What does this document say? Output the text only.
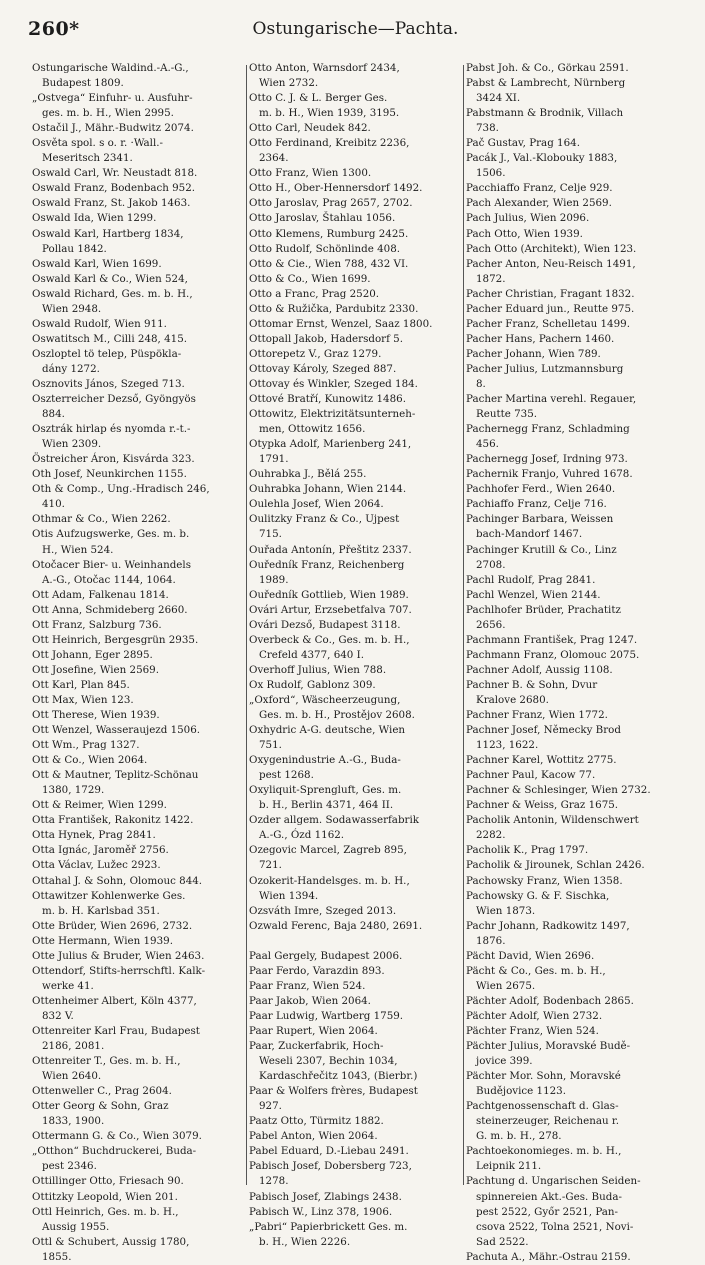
260*	Ostungarische—Pachta.
Ostungarische Waldind.-A.-G.,
Budapest 1809.
„Ostvega“ Einfuhr- u. Ausfuhr-
ges. m. b. H., Wien 2995.
Ostačil J., Mähr.-Budwitz 2074.
Osvěta spol. s o. r. ·Wall.-
Meseritsch 2341.
Oswald Carl, Wr. Neustadt 818.
Oswald Franz, Bodenbach 952.
Oswald Franz, St. Jakob 1463.
Oswald Ida, Wien 1299.
Oswald Karl, Hartberg 1834,
Pollau 1842.
Oswald Karl, Wien 1699.
Oswald Karl & Co., Wien 524,
Oswald Richard, Ges. m. b. H.,
Wien 2948.
Oswald Rudolf, Wien 911.
Oswatitsch M., Cilli 248, 415.
Oszloptel tö telep, Püspökla-
dány 1272.
Osznovits János, Szeged 713.
Oszterreicher Dezső, Gyöngyös
884.
Osztrák hirlap és nyomda r.-t.-
Wien 2309.
Östreicher Áron, Kisvárda 323.
Oth Josef, Neunkirchen 1155.
Oth & Comp., Ung.-Hradisch 246,
410.
Othmar & Co., Wien 2262.
Otis Aufzugswerke, Ges. m. b.
H., Wien 524.
Otočacer Bier- u. Weinhandels
A.-G., Otočac 1144, 1064.
Ott Adam, Falkenau 1814.
Ott Anna, Schmideberg 2660.
Ott Franz, Salzburg 736.
Ott Heinrich, Bergesgrün 2935.
Ott Johann, Eger 2895.
Ott Josefine, Wien 2569.
Ott Karl, Plan 845.
Ott Max, Wien 123.
Ott Therese, Wien 1939.
Ott Wenzel, Wasseraujezd 1506.
Ott Wm., Prag 1327.
Ott & Co., Wien 2064.
Ott & Mautner, Teplitz-Schönau
1380, 1729.
Ott & Reimer, Wien 1299.
Otta František, Rakonitz 1422.
Otta Hynek, Prag 2841.
Otta Ignác, Jaroměř 2756.
Otta Václav, Lužec 2923.
Ottahal J. & Sohn, Olomouc 844.
Ottawitzer Kohlenwerke Ges.
m. b. H. Karlsbad 351.
Otte Brüder, Wien 2696, 2732.
Otte Hermann, Wien 1939.
Otte Julius & Bruder, Wien 2463.
Ottendorf, Stifts-herrschftl. Kalk-
werke 41.
Ottenheimer Albert, Köln 4377,
832 V.
Ottenreiter Karl Frau, Budapest
2186, 2081.
Ottenreiter T., Ges. m. b. H.,
Wien 2640.
Ottenweller C., Prag 2604.
Otter Georg & Sohn, Graz
1833, 1900.
Ottermann G. & Co., Wien 3079.
„Otthon“ Buchdruckerei, Buda-
pest 2346.
Ottillinger Otto, Friesach 90.
Ottitzky Leopold, Wien 201.
Ottl Heinrich, Ges. m. b. H.,
Aussig 1955.
Ottl & Schubert, Aussig 1780,
1855.
Otto Anton, Warnsdorf 2434,
Wien 2732.
Otto C. J. & L. Berger Ges.
m. b. H., Wien 1939, 3195.
Otto Carl, Neudek 842.
Otto Ferdinand, Kreibitz 2236,
2364.
Otto Franz, Wien 1300.
Otto H., Ober-Hennersdorf 1492.
Otto Jaroslav, Prag 2657, 2702.
Otto Jaroslav, Štahlau 1056.
Otto Klemens, Rumburg 2425.
Otto Rudolf, Schönlinde 408.
Otto & Cie., Wien 788, 432 VI.
Otto & Co., Wien 1699.
Otto a Franc, Prag 2520.
Otto & Ružička, Pardubitz 2330.
Ottomar Ernst, Wenzel, Saaz 1800.
Ottopall Jakob, Hadersdorf 5.
Ottorepetz V., Graz 1279.
Ottovay Károly, Szeged 887.
Ottovay és Winkler, Szeged 184.
Ottové Bratří, Kunowitz 1486.
Ottowitz, Elektrizitätsunterneh-
men, Ottowitz 1656.
Otypka Adolf, Marienberg 241,
1791.
Ouhrabka J., Bělá 255.
Ouhrabka Johann, Wien 2144.
Oulehla Josef, Wien 2064.
Oulitzky Franz & Co., Ujpest
715.
Ouřada Antonín, Přeštitz 2337.
Ouředník Franz, Reichenberg
1989.
Ouředník Gottlieb, Wien 1989.
Ovári Artur, Erzsebetfalva 707.
Ovári Dezső, Budapest 3118.
Overbeck & Co., Ges. m. b. H.,
Crefeld 4377, 640 I.
Overhoff Julius, Wien 788.
Ox Rudolf, Gablonz 309.
„Oxford“, Wäscheerzeugung,
Ges. m. b. H., Prostějov 2608.
Oxhydric A-G. deutsche, Wien
751.
Oxygenindustrie A.-G., Buda-
pest 1268.
Oxyliquit-Sprengluft, Ges. m.
b. H., Berlin 4371, 464 II.
Ozder allgem. Sodawasserfabrik
A.-G., Ózd 1162.
Ozegovic Marcel, Zagreb 895,
721.
Ozokerit-Handelsges. m. b. H.,
Wien 1394.
Ozsváth Imre, Szeged 2013.
Ozwald Ferenc, Baja 2480, 2691.
Paal Gergely, Budapest 2006.
Paar Ferdo, Varazdin 893.
Paar Franz, Wien 524.
Paar Jakob, Wien 2064.
Paar Ludwig, Wartberg 1759.
Paar Rupert, Wien 2064.
Paar, Zuckerfabrik, Hoch-
Weseli 2307, Bechin 1034,
Kardaschřečitz 1043, (Bierbr.)
Paar & Wolfers frères, Budapest
927.
Paatz Otto, Türmitz 1882.
Pabel Anton, Wien 2064.
Pabel Eduard, D.-Liebau 2491.
Pabisch Josef, Dobersberg 723,
1278.
Pabisch Josef, Zlabings 2438.
Pabisch W., Linz 378, 1906.
„Pabri“ Papierbrickett Ges. m.
b. H., Wien 2226.
Pabst Joh. & Co., Görkau 2591.
Pabst & Lambrecht, Nürnberg
3424 XI.
Pabstmann & Brodnik, Villach
738.
Pač Gustav, Prag 164.
Pacák J., Val.-Klobouky 1883,
1506.
Pacchiaffo Franz, Celje 929.
Pach Alexander, Wien 2569.
Pach Julius, Wien 2096.
Pach Otto, Wien 1939.
Pach Otto (Architekt), Wien 123.
Pacher Anton, Neu-Reisch 1491,
1872.
Pacher Christian, Fragant 1832.
Pacher Eduard jun., Reutte 975.
Pacher Franz, Schelletau 1499.
Pacher Hans, Pachern 1460.
Pacher Johann, Wien 789.
Pacher Julius, Lutzmannsburg
8.
Pacher Martina verehl. Regauer,
Reutte 735.
Pachernegg Franz, Schladming
456.
Pachernegg Josef, Irdning 973.
Pachernik Franjo, Vuhred 1678.
Pachhofer Ferd., Wien 2640.
Pachiaffo Franz, Celje 716.
Pachinger Barbara, Weissen
bach-Mandorf 1467.
Pachinger Krutill & Co., Linz
2708.
Pachl Rudolf, Prag 2841.
Pachl Wenzel, Wien 2144.
Pachlhofer Brüder, Prachatitz
2656.
Pachmann František, Prag 1247.
Pachmann Franz, Olomouc 2075.
Pachner Adolf, Aussig 1108.
Pachner B. & Sohn, Dvur
Kralove 2680.
Pachner Franz, Wien 1772.
Pachner Josef, Německy Brod
1123, 1622.
Pachner Karel, Wottitz 2775.
Pachner Paul, Kacow 77.
Pachner & Schlesinger, Wien 2732.
Pachner & Weiss, Graz 1675.
Pacholik Antonin, Wildenschwert
2282.
Pacholik K., Prag 1797.
Pacholik & Jirounek, Schlan 2426.
Pachowsky Franz, Wien 1358.
Pachowsky G. & F. Sischka,
Wien 1873.
Pachr Johann, Radkowitz 1497,
1876.
Pächt David, Wien 2696.
Pächt & Co., Ges. m. b. H.,
Wien 2675.
Pächter Adolf, Bodenbach 2865.
Pächter Adolf, Wien 2732.
Pächter Franz, Wien 524.
Pächter Julius, Moravské Budě-
jovice 399.
Pächter Mor. Sohn, Moravské
Budějovice 1123.
Pachtgenossenschaft d. Glas-
steinerzeuger, Reichenau r.
G. m. b. H., 278.
Pachtoekonomieges. m. b. H.,
Leipnik 211.
Pachtung d. Ungarischen Seiden-
spinnereien Akt.-Ges. Buda-
pest 2522, Győr 2521, Pan-
csova 2522, Tolna 2521, Novi-
Sad 2522.
Pachuta A., Mähr.-Ostrau 2159.
